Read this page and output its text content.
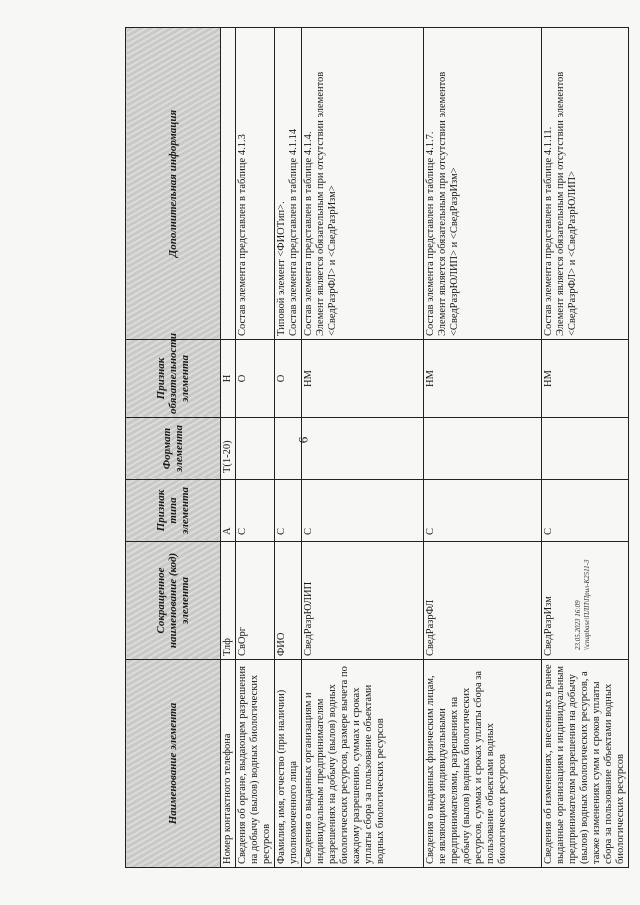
6
Наименование элемента	Сокращенное наименование (код) элемента	Признак типа элемента	Формат элемента	Признак обязательности элемента	Дополнительная информация
Номер контактного телефона	Тлф	А	T(1-20)	Н	
Сведения об органе, выдающем разрешения на добычу (вылов) водных биологических ресурсов	СвОрг	С		О	Состав элемента представлен в таблице 4.1.3
Фамилия, имя, отчество (при наличии) уполномоченного лица	ФИО	С		О	Типовой элемент <ФИОТип>.
Состав элемента представлен в таблице 4.1.14
Сведения о выданных организациям и индивидуальным предпринимателям разрешениях на добычу (вылов) водных биологических ресурсов, размере вычета по каждому разрешению, суммах и сроках уплаты сбора за пользование объектами водных биологических ресурсов	СведРазрЮЛИП	С		НМ	Состав элемента представлен в таблице 4.1.4.
Элемент является обязательным при отсутствии элементов <СведРазрФЛ> и <СведРазрИзм>
Сведения о выданных физическим лицам, не являющимся индивидуальными предпринимателями, разрешениях на добычу (вылов) водных биологических ресурсов, суммах и сроках уплаты сбора за пользование объектами водных биологических ресурсов	СведРазрФЛ	С		НМ	Состав элемента представлен в таблице 4.1.7.
Элемент является обязательным при отсутствии элементов <СведРазрЮЛИП> и <СведРазрИзм>
Сведения об изменениях, внесенных в ранее выданные организациям и индивидуальным предпринимателям разрешения на добычу (вылов) водных биологических ресурсов, а также изменениях сумм и сроков уплаты сбора за пользование объектами водных биологических ресурсов	СведРазрИзм	С		НМ	Состав элемента представлен в таблице 4.1.11.
Элемент является обязательным при отсутствии элементов <СведРазрФЛ> и <СведРазрЮЛИП>
23.05.2023 16:09 \\cnapbase\ПЛП\Прил-К2511-3
